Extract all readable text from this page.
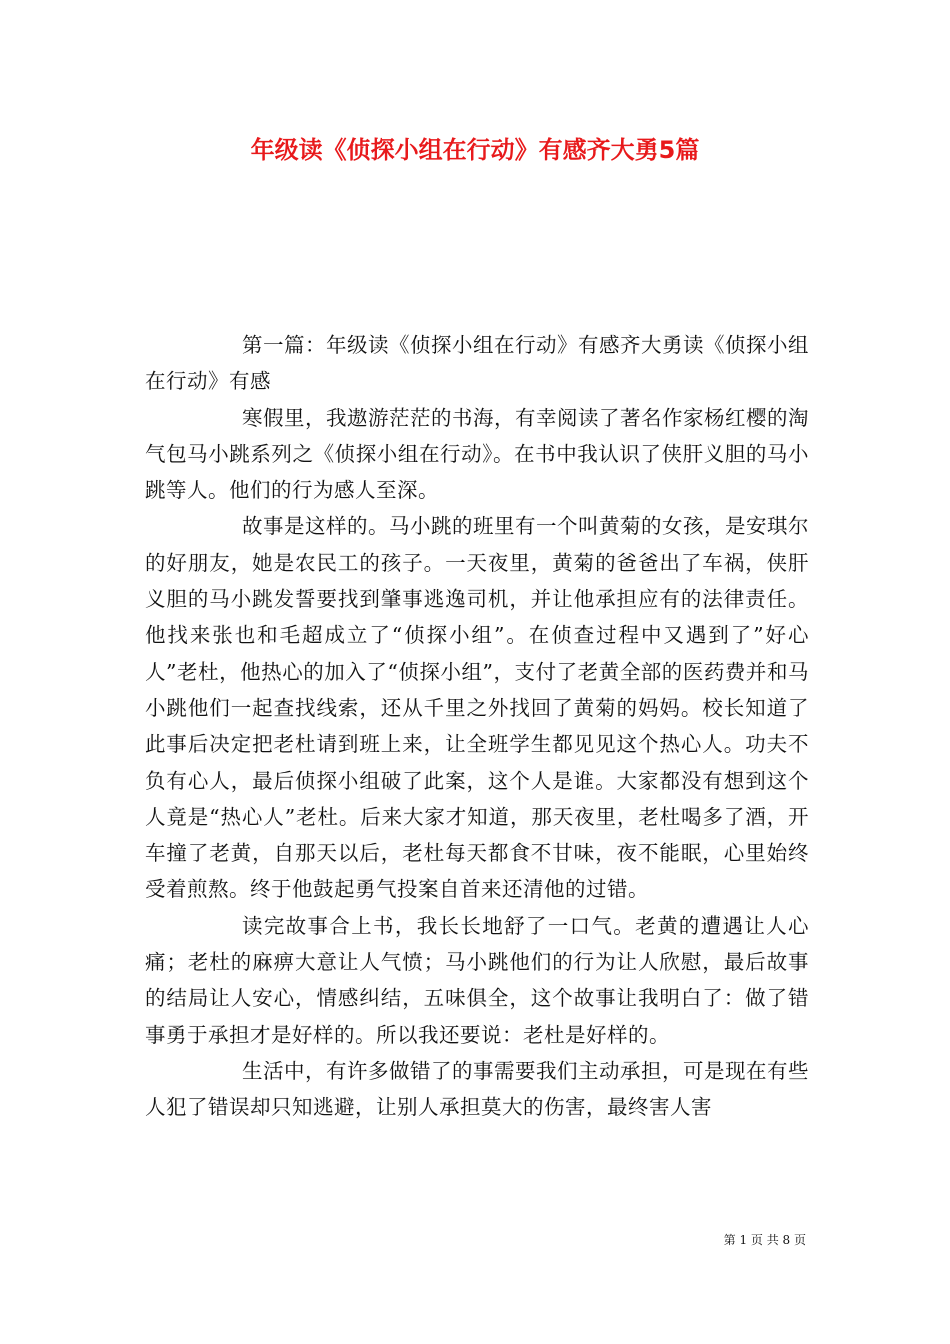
年级读《侦探小组在行动》有感齐大勇5篇

第一篇：年级读《侦探小组在行动》有感齐大勇读《侦探小组在行动》有感

寒假里，我遨游茫茫的书海，有幸阅读了著名作家杨红樱的淘气包马小跳系列之《侦探小组在行动》。在书中我认识了侠肝义胆的马小跳等人。他们的行为感人至深。

故事是这样的。马小跳的班里有一个叫黄菊的女孩，是安琪尔的好朋友，她是农民工的孩子。一天夜里，黄菊的爸爸出了车祸，侠肝义胆的马小跳发誓要找到肇事逃逸司机，并让他承担应有的法律责任。他找来张也和毛超成立了“侦探小组”。在侦查过程中又遇到了”好心人”老杜，他热心的加入了“侦探小组”，支付了老黄全部的医药费并和马小跳他们一起查找线索，还从千里之外找回了黄菊的妈妈。校长知道了此事后决定把老杜请到班上来，让全班学生都见见这个热心人。功夫不负有心人，最后侦探小组破了此案，这个人是谁。大家都没有想到这个人竟是“热心人”老杜。后来大家才知道，那天夜里，老杜喝多了酒，开车撞了老黄，自那天以后，老杜每天都食不甘味，夜不能眠，心里始终受着煎熬。终于他鼓起勇气投案自首来还清他的过错。

读完故事合上书，我长长地舒了一口气。老黄的遭遇让人心痛；老杜的麻痹大意让人气愤；马小跳他们的行为让人欣慰，最后故事的结局让人安心，情感纠结，五味俱全，这个故事让我明白了：做了错事勇于承担才是好样的。所以我还要说：老杜是好样的。

生活中，有许多做错了的事需要我们主动承担，可是现在有些人犯了错误却只知逃避，让别人承担莫大的伤害，最终害人害

第 1 页 共 8 页
